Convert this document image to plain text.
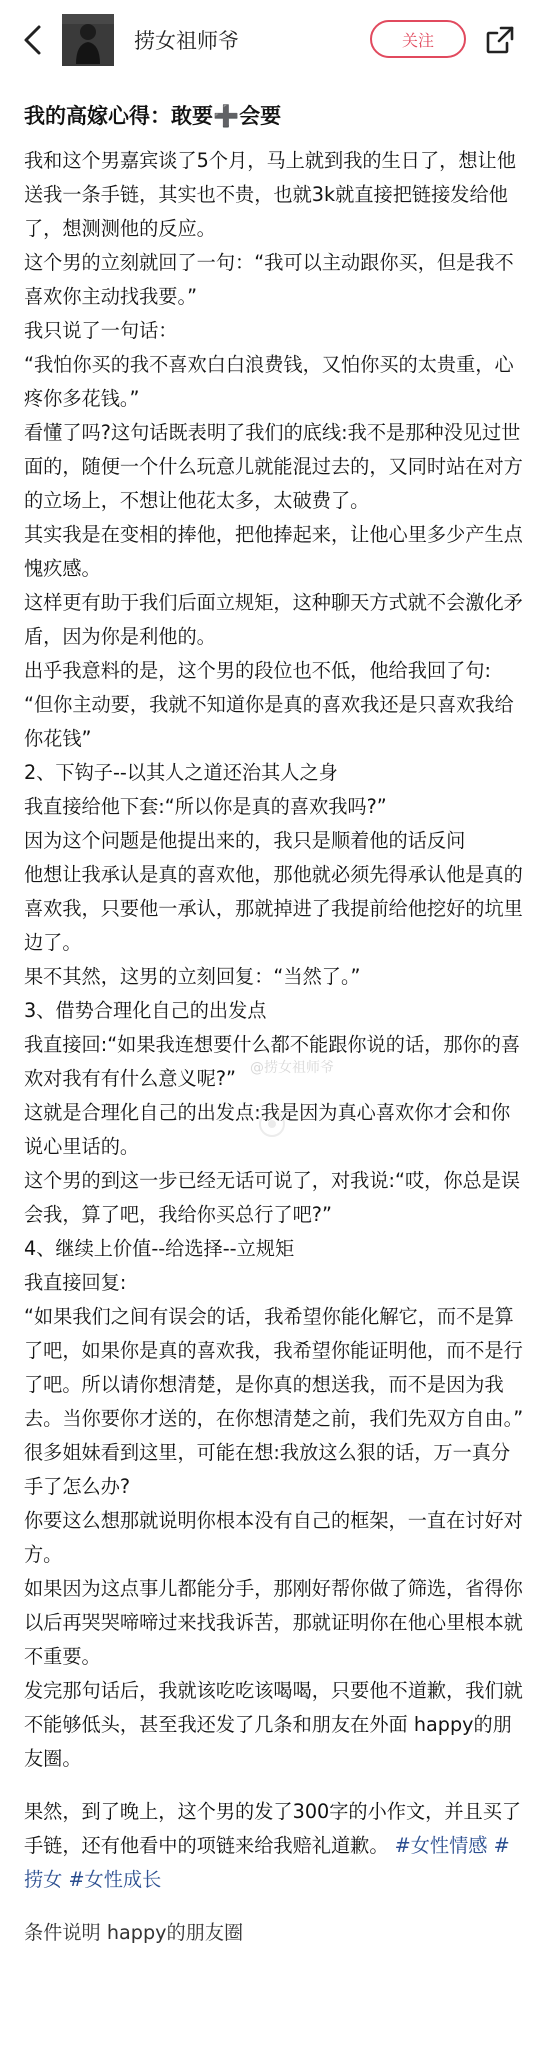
捞女祖师爷	关注
我的高嫁心得：敢要➕会要

我和这个男嘉宾谈了5个月，马上就到我的生日了，想让他送我一条手链，其实也不贵，也就3k就直接把链接发给他了，想测测他的反应。

这个男的立刻就回了一句：“我可以主动跟你买，但是我不喜欢你主动找我要。”

我只说了一句话：

“我怕你买的我不喜欢白白浪费钱，又怕你买的太贵重，心疼你多花钱。”

看懂了吗?这句话既表明了我们的底线:我不是那种没见过世面的，随便一个什么玩意儿就能混过去的，又同时站在对方的立场上，不想让他花太多，太破费了。

其实我是在变相的捧他，把他捧起来，让他心里多少产生点愧疚感。

这样更有助于我们后面立规矩，这种聊天方式就不会激化矛盾，因为你是利他的。

出乎我意料的是，这个男的段位也不低，他给我回了句:

“但你主动要，我就不知道你是真的喜欢我还是只喜欢我给你花钱”

2、下钩子--以其人之道还治其人之身

我直接给他下套:“所以你是真的喜欢我吗?”

因为这个问题是他提出来的，我只是顺着他的话反问

他想让我承认是真的喜欢他，那他就必须先得承认他是真的喜欢我，只要他一承认，那就掉进了我提前给他挖好的坑里边了。

果不其然，这男的立刻回复：“当然了。”

3、借势合理化自己的出发点

我直接回:“如果我连想要什么都不能跟你说的话，那你的喜欢对我有有什么意义呢?”

这就是合理化自己的出发点:我是因为真心喜欢你才会和你说心里话的。

这个男的到这一步已经无话可说了，对我说:“哎，你总是误会我，算了吧，我给你买总行了吧?”

4、继续上价值--给选择--立规矩

我直接回复:

“如果我们之间有误会的话，我希望你能化解它，而不是算了吧，如果你是真的喜欢我，我希望你能证明他，而不是行了吧。所以请你想清楚，是你真的想送我，而不是因为我去。当你要你才送的，在你想清楚之前，我们先双方自由。”

很多姐妹看到这里，可能在想:我放这么狠的话，万一真分手了怎么办?

你要这么想那就说明你根本没有自己的框架，一直在讨好对方。

如果因为这点事儿都能分手，那刚好帮你做了筛选，省得你以后再哭哭啼啼过来找我诉苦，那就证明你在他心里根本就不重要。

发完那句话后，我就该吃吃该喝喝，只要他不道歉，我们就不能够低头，甚至我还发了几条和朋友在外面 happy的朋友圈。

果然，到了晚上，这个男的发了300字的小作文，并且买了手链，还有他看中的项链来给我赔礼道歉。 #女性情感 #捞女 #女性成长

条件说明 happy的朋友圈
@捞女祖师爷
